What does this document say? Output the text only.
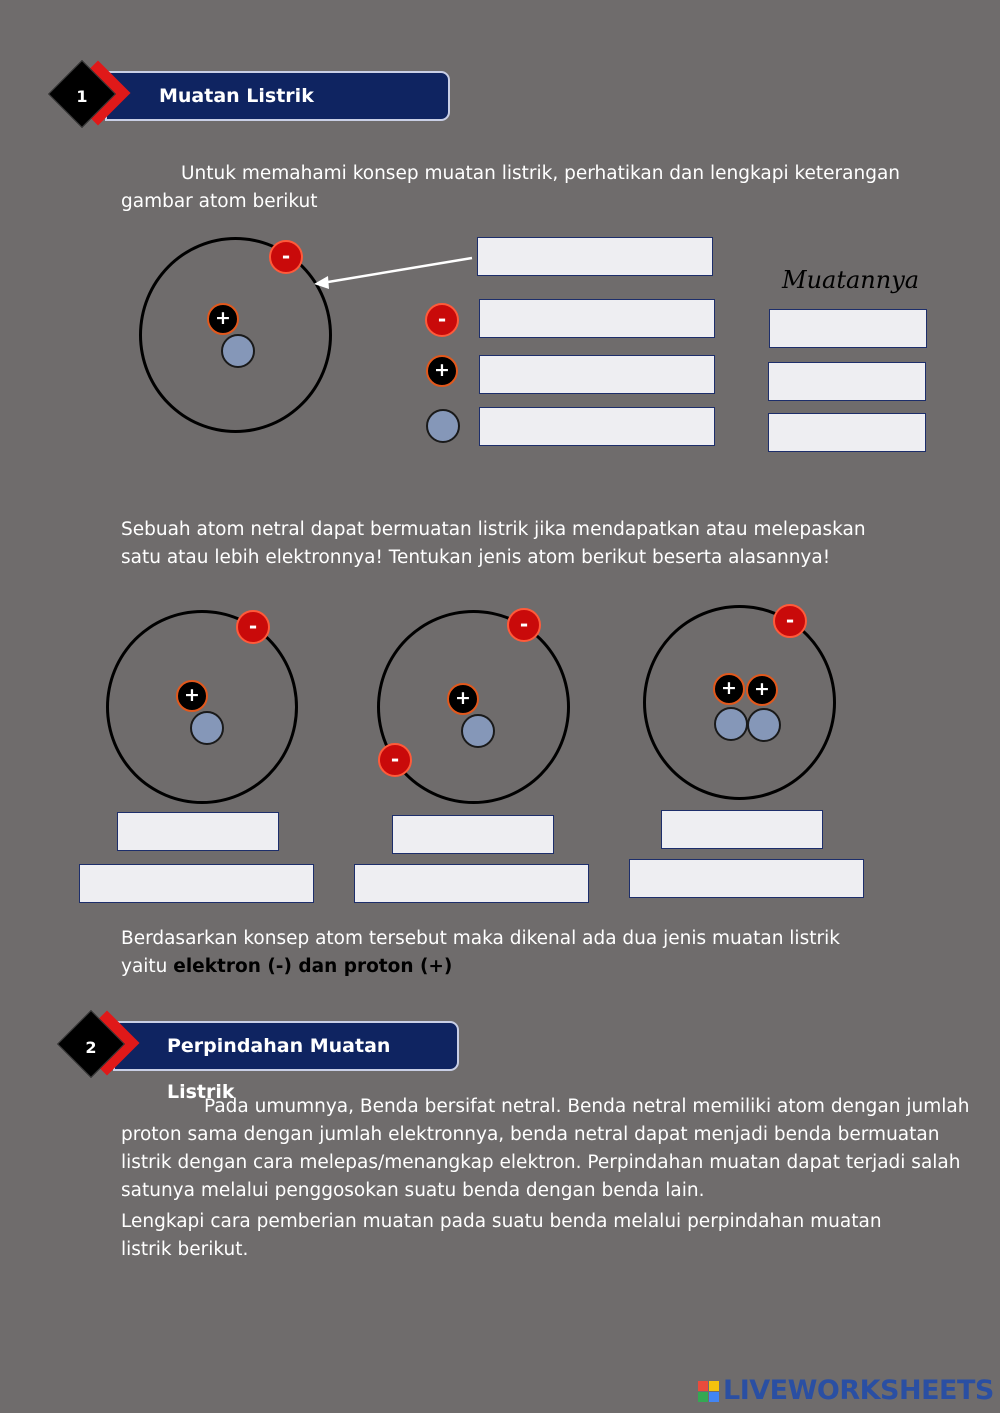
Muatan Listrik
1
Untuk memahami konsep muatan listrik, perhatikan dan lengkapi keterangan
gambar atom berikut
-
+	-
+
Muatannya
Sebuah atom netral dapat bermuatan listrik jika mendapatkan atau melepaskan
satu atau lebih elektronnya! Tentukan jenis atom berikut beserta alasannya!
-
+
-
-
+
-
+ +
Berdasarkan konsep atom tersebut maka dikenal ada dua jenis muatan listrik
yaitu elektron (-) dan proton (+)
Perpindahan Muatan Listrik
2
Pada umumnya, Benda bersifat netral. Benda netral memiliki atom dengan jumlah
proton sama dengan jumlah elektronnya, benda netral dapat menjadi benda bermuatan
listrik dengan cara melepas/menangkap elektron. Perpindahan muatan dapat terjadi salah
satunya melalui penggosokan suatu benda dengan benda lain.
Lengkapi cara pemberian muatan pada suatu benda melalui perpindahan muatan
listrik berikut.
LIVEWORKSHEETS
